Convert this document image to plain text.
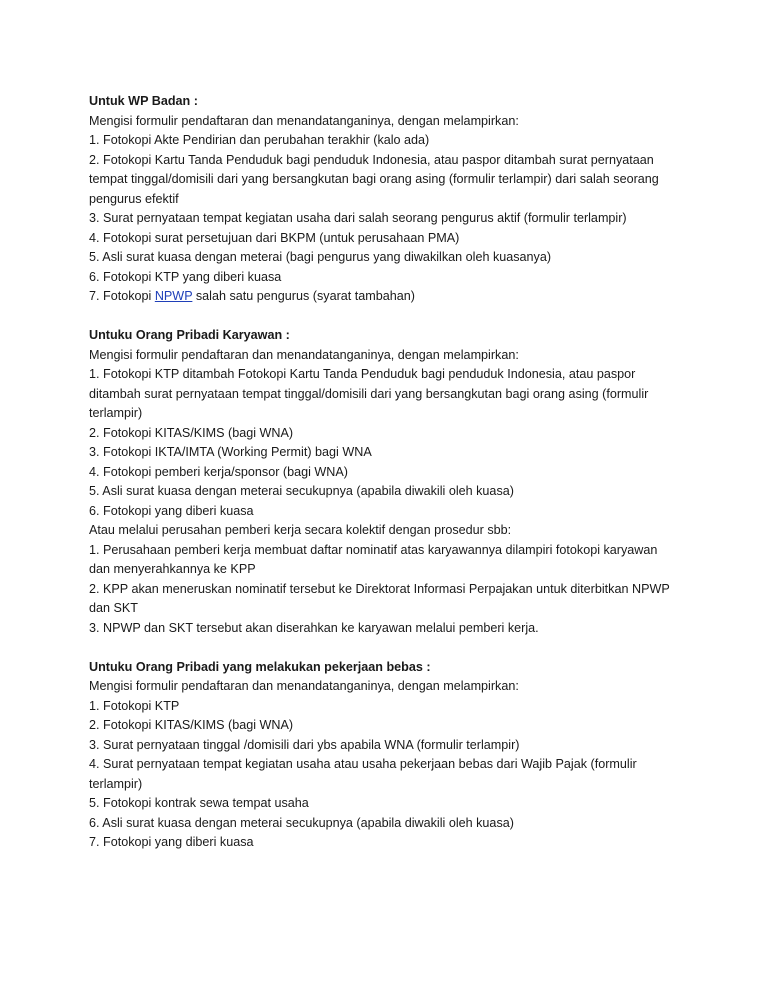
Untuk WP Badan :
Mengisi formulir pendaftaran dan menandatanganinya, dengan melampirkan:
1. Fotokopi Akte Pendirian dan perubahan terakhir (kalo ada)
2. Fotokopi Kartu Tanda Penduduk bagi penduduk Indonesia, atau paspor ditambah surat pernyataan
tempat tinggal/domisili dari yang bersangkutan bagi orang asing (formulir terlampir) dari salah seorang
pengurus efektif
3. Surat pernyataan tempat kegiatan usaha dari salah seorang pengurus aktif (formulir terlampir)
4. Fotokopi surat persetujuan dari BKPM (untuk perusahaan PMA)
5. Asli surat kuasa dengan meterai (bagi pengurus yang diwakilkan oleh kuasanya)
6. Fotokopi KTP yang diberi kuasa
7. Fotokopi NPWP salah satu pengurus (syarat tambahan)
Untuku Orang Pribadi Karyawan :
Mengisi formulir pendaftaran dan menandatanganinya, dengan melampirkan:
1. Fotokopi KTP ditambah Fotokopi Kartu Tanda Penduduk bagi penduduk Indonesia, atau paspor
ditambah surat pernyataan tempat tinggal/domisili dari yang bersangkutan bagi orang asing (formulir
terlampir)
2. Fotokopi KITAS/KIMS (bagi WNA)
3. Fotokopi IKTA/IMTA (Working Permit) bagi WNA
4. Fotokopi pemberi kerja/sponsor (bagi WNA)
5. Asli surat kuasa dengan meterai secukupnya (apabila diwakili oleh kuasa)
6. Fotokopi yang diberi kuasa
Atau melalui perusahan pemberi kerja secara kolektif dengan prosedur sbb:
1. Perusahaan pemberi kerja membuat daftar nominatif atas karyawannya dilampiri fotokopi karyawan
dan menyerahkannya ke KPP
2. KPP akan meneruskan nominatif tersebut ke Direktorat Informasi Perpajakan untuk diterbitkan NPWP
dan SKT
3. NPWP dan SKT tersebut akan diserahkan ke karyawan melalui pemberi kerja.
Untuku Orang Pribadi yang melakukan pekerjaan bebas :
Mengisi formulir pendaftaran dan menandatanganinya, dengan melampirkan:
1. Fotokopi KTP
2. Fotokopi KITAS/KIMS (bagi WNA)
3. Surat pernyataan tinggal /domisili dari ybs apabila WNA (formulir terlampir)
4. Surat pernyataan tempat kegiatan usaha atau usaha pekerjaan bebas dari Wajib Pajak (formulir
terlampir)
5. Fotokopi kontrak sewa tempat usaha
6. Asli surat kuasa dengan meterai secukupnya (apabila diwakili oleh kuasa)
7. Fotokopi yang diberi kuasa
